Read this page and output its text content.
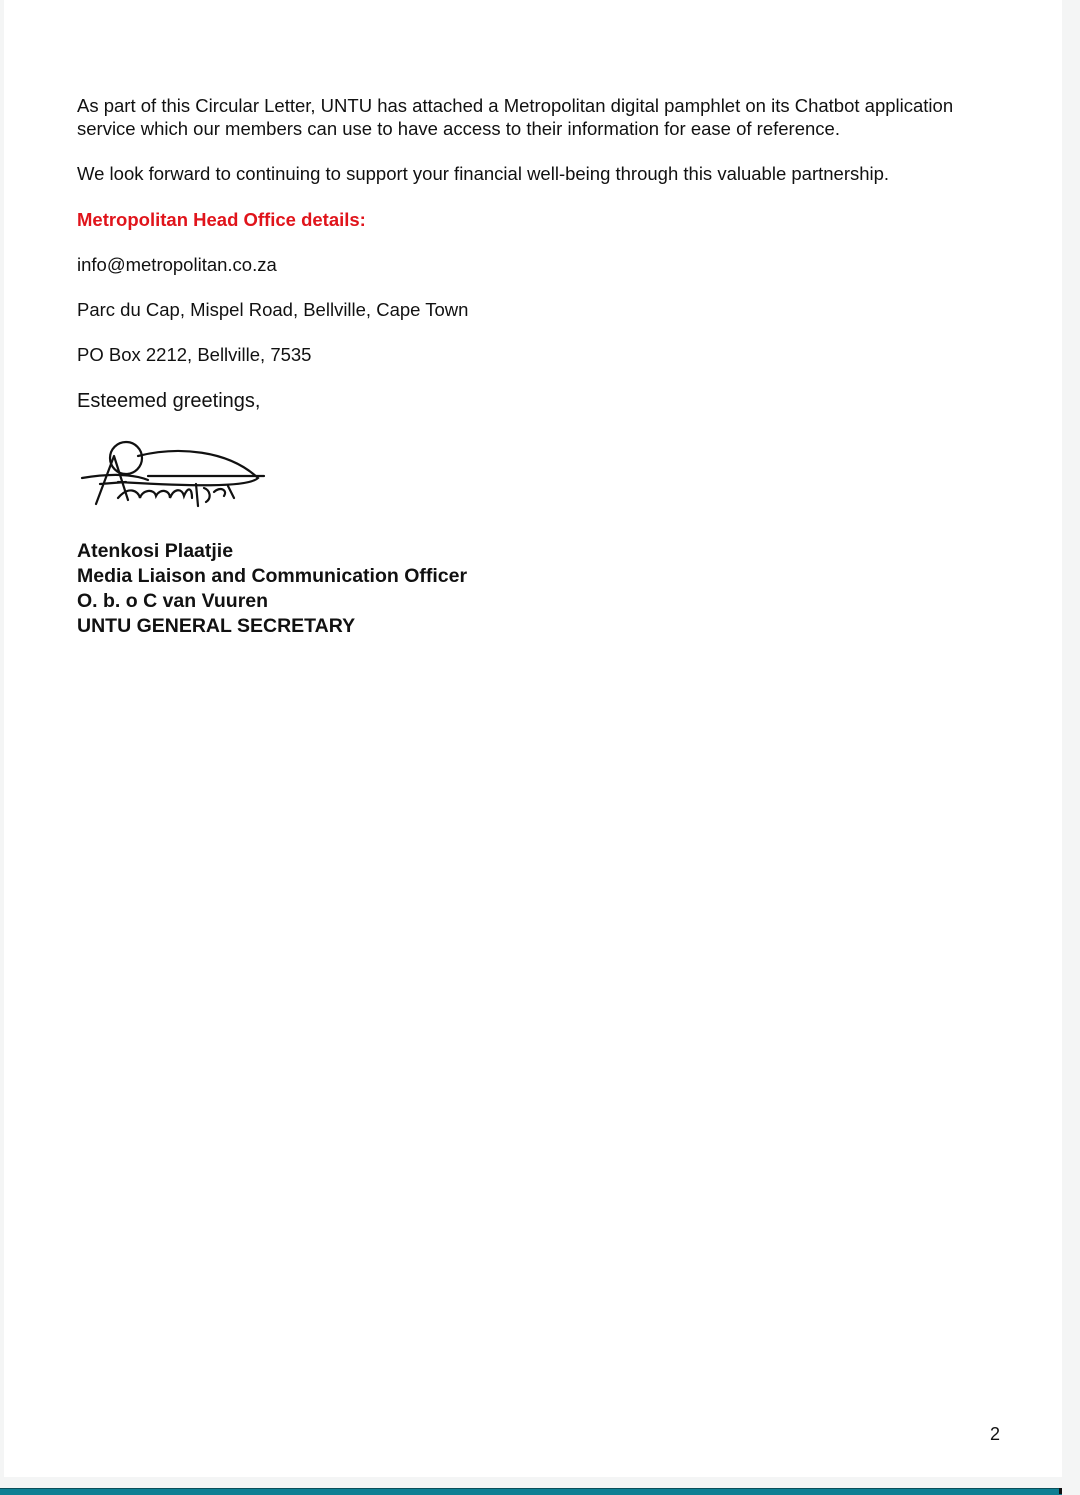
As part of this Circular Letter, UNTU has attached a Metropolitan digital pamphlet on its Chatbot application
service which our members can use to have access to their information for ease of reference.
We look forward to continuing to support your financial well-being through this valuable partnership.
Metropolitan Head Office details:
info@metropolitan.co.za
Parc du Cap, Mispel Road, Bellville, Cape Town
PO Box 2212, Bellville, 7535
Esteemed greetings,
Atenkosi Plaatjie
Media Liaison and Communication Officer
O. b. o C van Vuuren
UNTU GENERAL SECRETARY
2
